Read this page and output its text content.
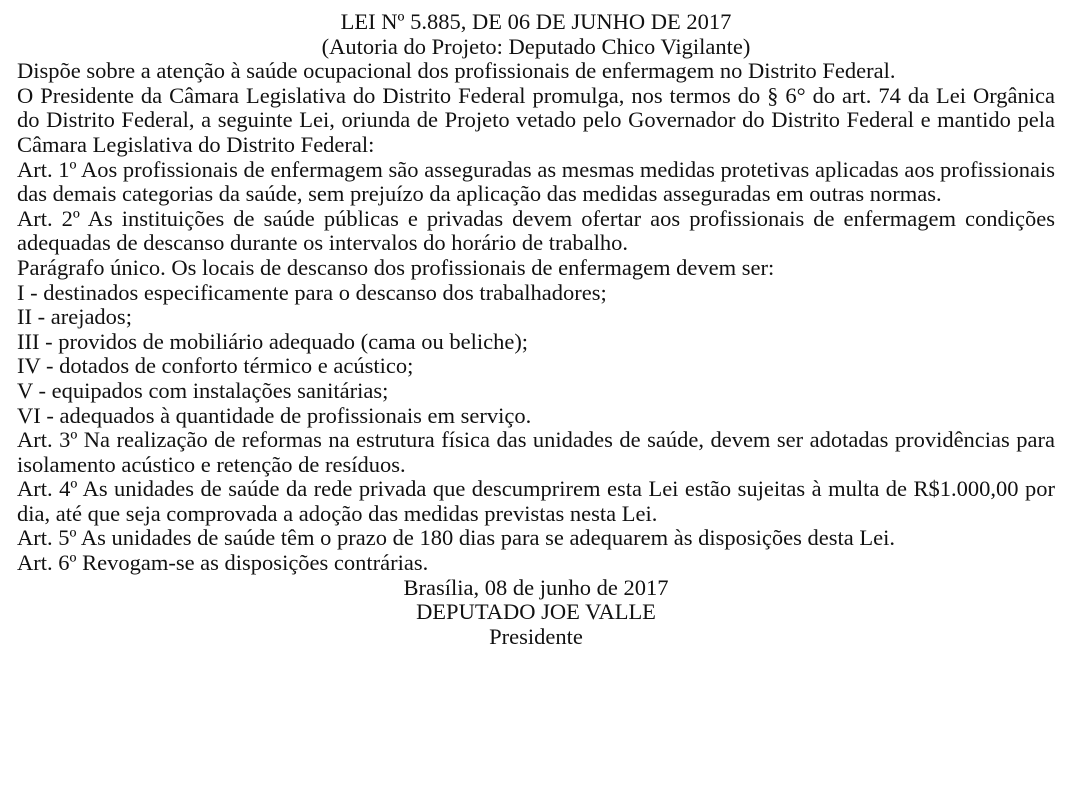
LEI Nº 5.885, DE 06 DE JUNHO DE 2017
(Autoria do Projeto: Deputado Chico Vigilante)
Dispõe sobre a atenção à saúde ocupacional dos profissionais de enfermagem no Distrito Federal.
O Presidente da Câmara Legislativa do Distrito Federal promulga, nos termos do § 6° do art. 74 da Lei Orgânica do Distrito Federal, a seguinte Lei, oriunda de Projeto vetado pelo Governador do Distrito Federal e mantido pela Câmara Legislativa do Distrito Federal:
Art. 1º Aos profissionais de enfermagem são asseguradas as mesmas medidas protetivas aplicadas aos profissionais das demais categorias da saúde, sem prejuízo da aplicação das medidas asseguradas em outras normas.
Art. 2º As instituições de saúde públicas e privadas devem ofertar aos profissionais de enfermagem condições adequadas de descanso durante os intervalos do horário de trabalho.
Parágrafo único. Os locais de descanso dos profissionais de enfermagem devem ser:
I - destinados especificamente para o descanso dos trabalhadores;
II - arejados;
III - providos de mobiliário adequado (cama ou beliche);
IV - dotados de conforto térmico e acústico;
V - equipados com instalações sanitárias;
VI - adequados à quantidade de profissionais em serviço.
Art. 3º Na realização de reformas na estrutura física das unidades de saúde, devem ser adotadas providências para isolamento acústico e retenção de resíduos.
Art. 4º As unidades de saúde da rede privada que descumprirem esta Lei estão sujeitas à multa de R$1.000,00 por dia, até que seja comprovada a adoção das medidas previstas nesta Lei.
Art. 5º As unidades de saúde têm o prazo de 180 dias para se adequarem às disposições desta Lei.
Art. 6º Revogam-se as disposições contrárias.
Brasília, 08 de junho de 2017
DEPUTADO JOE VALLE
Presidente
